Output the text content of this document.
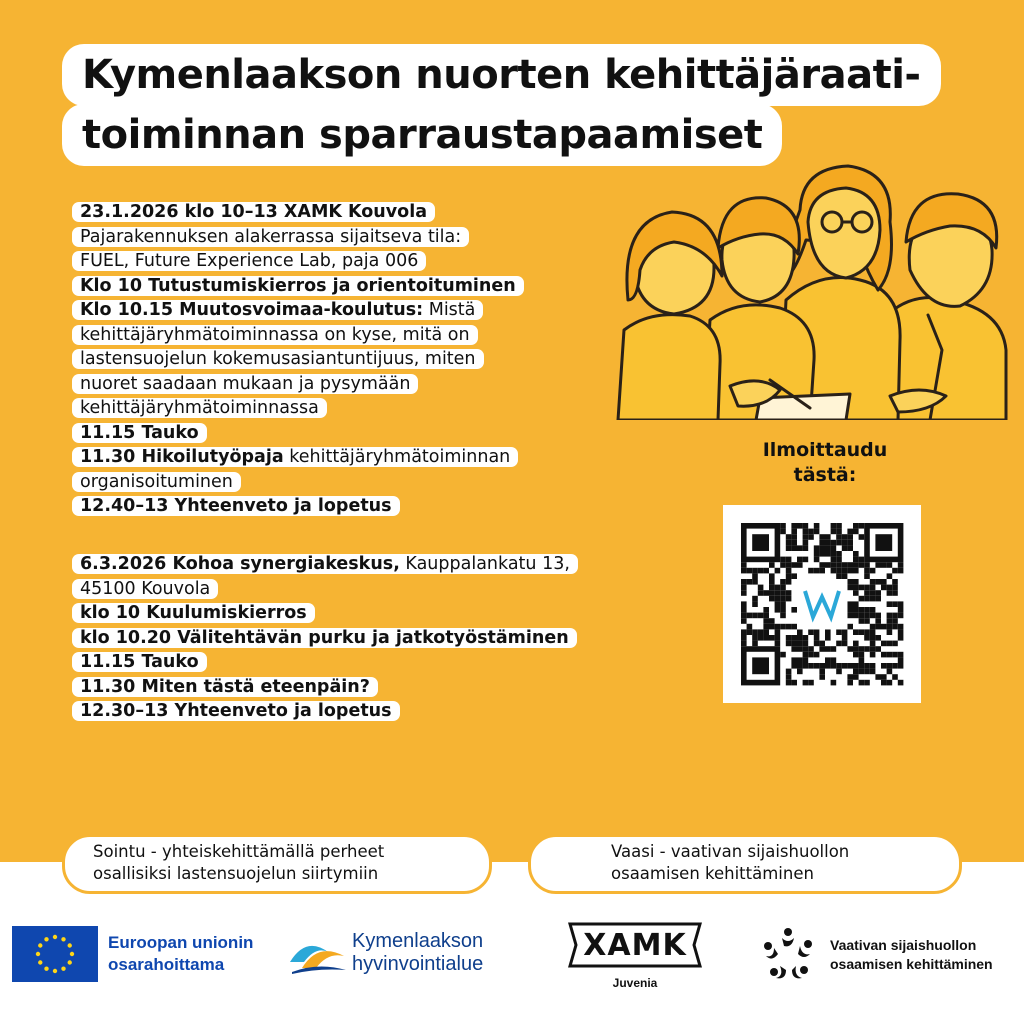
Kymenlaakson nuorten kehittäjäraati-
toiminnan sparraustapaamiset
23.1.2026 klo 10–13 XAMK Kouvola
Pajarakennuksen alakerrassa sijaitseva tila:
FUEL, Future Experience Lab, paja 006
Klo 10 Tutustumiskierros ja orientoituminen
Klo 10.15 Muutosvoimaa-koulutus: Mistä
kehittäjäryhmätoiminnassa on kyse, mitä on
lastensuojelun kokemusasiantuntijuus, miten
nuoret saadaan mukaan ja pysymään
kehittäjäryhmätoiminnassa
11.15 Tauko
11.30 Hikoilutyöpaja kehittäjäryhmätoiminnan
organisoituminen
12.40–13 Yhteenveto ja lopetus
6.3.2026 Kohoa synergiakeskus, Kauppalankatu 13,
45100 Kouvola
klo 10 Kuulumiskierros
klo 10.20 Välitehtävän purku ja jatkotyöstäminen
11.15 Tauko
11.30 Miten tästä eteenpäin?
12.30–13 Yhteenveto ja lopetus
Ilmoittaudu
tästä:
Sointu - yhteiskehittämällä perheet
osallisiksi lastensuojelun siirtymiin
Vaasi - vaativan sijaishuollon
osaamisen kehittäminen
Euroopan unionin
osarahoittama
Kymenlaakson
hyvinvointialue
XAMK
Juvenia
Vaativan sijaishuollon
osaamisen kehittäminen
